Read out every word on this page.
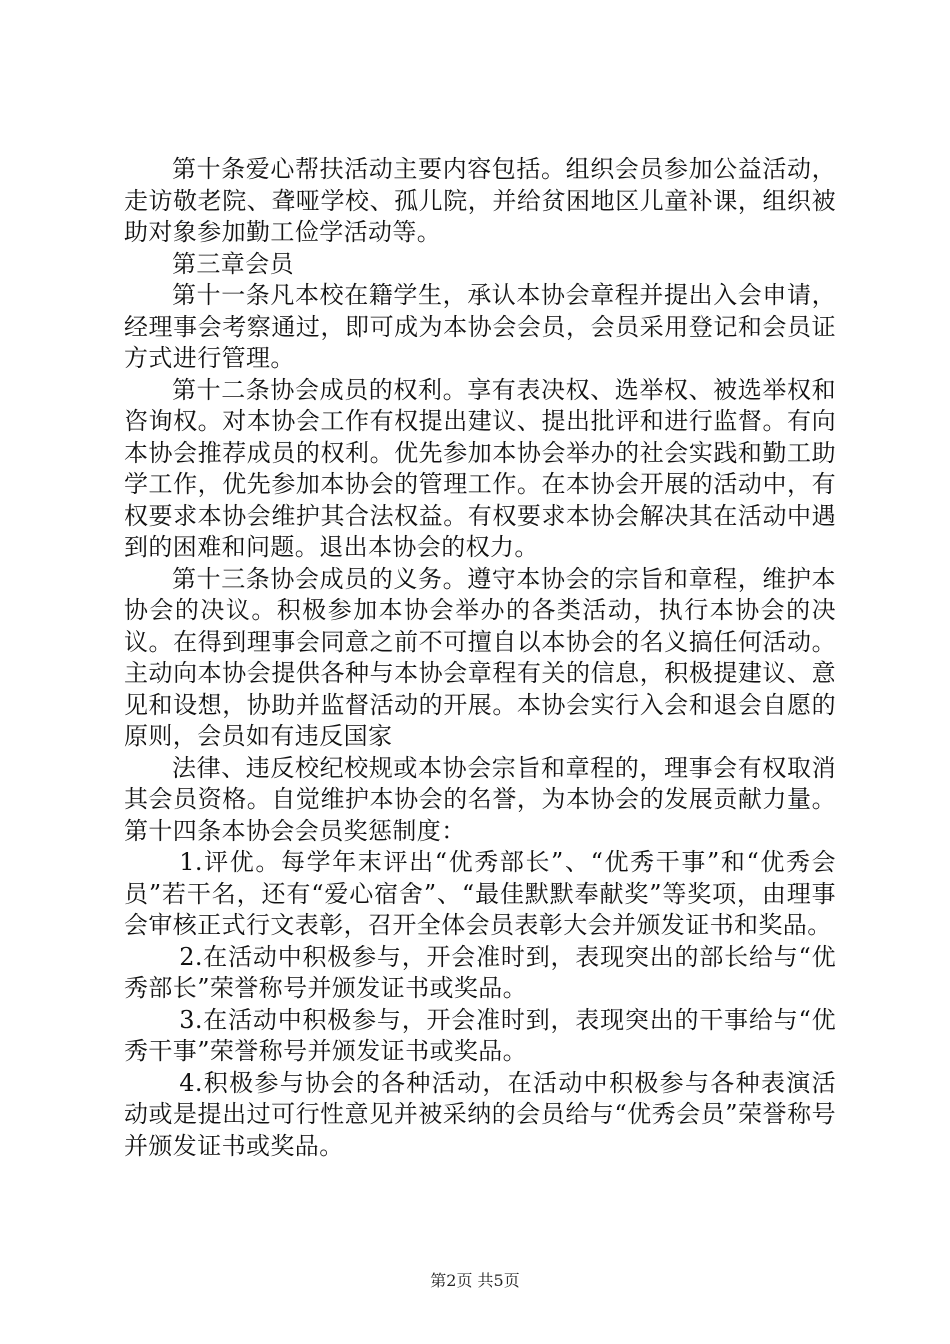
第十条爱心帮扶活动主要内容包括。组织会员参加公益活动，走访敬老院、聋哑学校、孤儿院，并给贫困地区儿童补课，组织被助对象参加勤工俭学活动等。

第三章会员

第十一条凡本校在籍学生，承认本协会章程并提出入会申请，经理事会考察通过，即可成为本协会会员，会员采用登记和会员证方式进行管理。

第十二条协会成员的权利。享有表决权、选举权、被选举权和咨询权。对本协会工作有权提出建议、提出批评和进行监督。有向本协会推荐成员的权利。优先参加本协会举办的社会实践和勤工助学工作，优先参加本协会的管理工作。在本协会开展的活动中，有权要求本协会维护其合法权益。有权要求本协会解决其在活动中遇到的困难和问题。退出本协会的权力。

第十三条协会成员的义务。遵守本协会的宗旨和章程，维护本协会的决议。积极参加本协会举办的各类活动，执行本协会的决议。在得到理事会同意之前不可擅自以本协会的名义搞任何活动。主动向本协会提供各种与本协会章程有关的信息，积极提建议、意见和设想，协助并监督活动的开展。本协会实行入会和退会自愿的原则，会员如有违反国家

法律、违反校纪校规或本协会宗旨和章程的，理事会有权取消其会员资格。自觉维护本协会的名誉，为本协会的发展贡献力量。第十四条本协会会员奖惩制度：

1.评优。每学年末评出“优秀部长”、“优秀干事”和“优秀会员”若干名，还有“爱心宿舍”、“最佳默默奉献奖”等奖项，由理事会审核正式行文表彰，召开全体会员表彰大会并颁发证书和奖品。

2.在活动中积极参与，开会准时到，表现突出的部长给与“优秀部长”荣誉称号并颁发证书或奖品。

3.在活动中积极参与，开会准时到，表现突出的干事给与“优秀干事”荣誉称号并颁发证书或奖品。

4.积极参与协会的各种活动，在活动中积极参与各种表演活动或是提出过可行性意见并被采纳的会员给与“优秀会员”荣誉称号并颁发证书或奖品。

第2页 共5页
